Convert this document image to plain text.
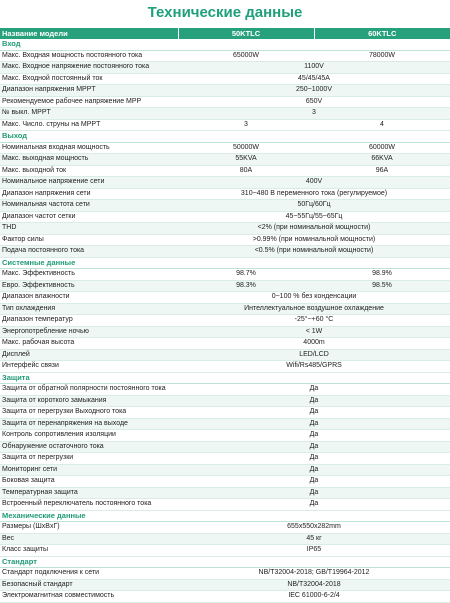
Технические данные
Название модели	50KTLC	60KTLC
Вход		
Макс. Входная мощность постоянного тока	65000W	78000W
Макс. Входное напряжение постоянного тока	1100V	
Макс. Входной постоянный ток	45/45/45A	
Диапазон напряжения MPPT	250~1000V	
Рекомендуемое рабочее напряжение MPP	650V	
№ выкл. MPPT	3	
Макс. Число. струны на MPPT	3	4
Выход		
Номинальная входная мощность	50000W	60000W
Макс. выходная мощность	55KVA	66KVA
Макс. выходной ток	80A	96A
Номинальное напряжение сети	400V	
Диапазон напряжения сети	310~480 В переменного тока (регулируемое)	
Номинальная частота сети	50Гц/60Гц	
Диапазон частот сетки	45~55Гц/55~65Гц	
THD	<2% (при номинальной мощности)	
Фактор силы	>0.99% (при номинальной мощности)	
Подача постоянного тока	<0.5% (при номинальной мощности)	
Системные данные		
Макс. Эффективность	98.7%	98.9%
Евро. Эффективность	98.3%	98.5%
Диапазон влажности	0~100 % без конденсации	
Тип охлаждения	Интеллектуальное воздушное охлаждение	
Диапазон температур	-25°~+60 °C	
Энергопотребление ночью	< 1W	
Макс. рабочая высота	4000m	
Дисплей	LED/LCD	
Интерфейс связи	Wifi/Rs485/GPRS	
Защита		
Защита от обратной полярности постоянного тока	Да	
Защита от короткого замыкания	Да	
Защита от перегрузки Выходного тока	Да	
Защита от перенапряжения на выходе	Да	
Контроль сопротивления изоляции	Да	
Обнаружение остаточного тока	Да	
Защита от перегрузки	Да	
Мониторинг сети	Да	
Боковая защита	Да	
Температурная защита	Да	
Встроенный переключатель постоянного тока	Да	
Механические данные		
Размеры (ШxВxГ)	655x550x282mm	
Вес	45 кг	
Класс защиты	IP65	
Стандарт		
Стандарт подключения к сети	NB/T32004-2018; GB/T19964-2012	
Безопасный стандарт	NB/T32004-2018	
Электромагнитная совместимость	IEC 61000-6-2/4	
